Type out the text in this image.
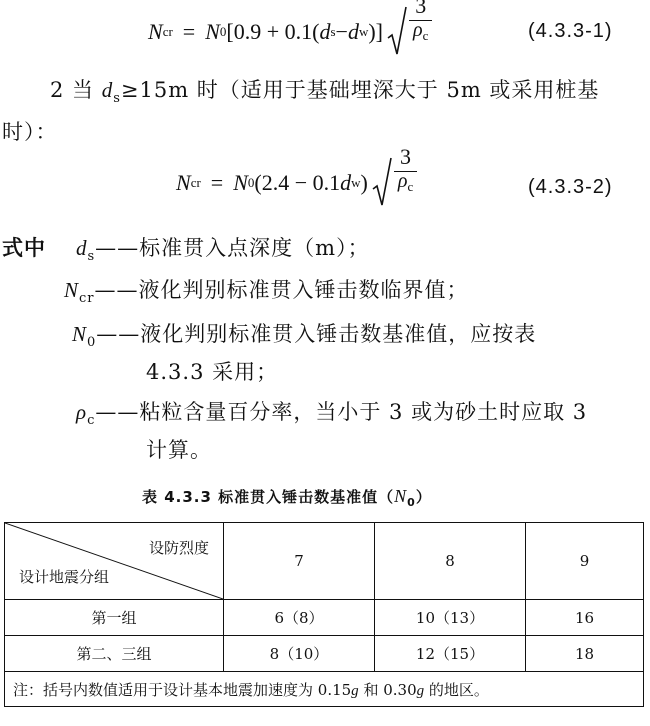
N cr = N 0 [0.9 + 0.1( d s − d w )]
3
$\rho_c$	(4.3.3-1)
2 当 $d_s\ge 15m$ 时（适用于基础埋深大于 5m 或采用桩基
时）：
N cr = N 0 (2.4 − 0.1 d w )
3
$\rho_c$	(4.3.3-2)
式中 $d_s——$标准贯入点深度（m）；
$N_{cr}——$液化判别标准贯入锤击数临界值；
$N_0——$液化判别标准贯入锤击数基准值，应按表
4.3.3 采用；
$\rho_c——$粘粒含量百分率，当小于 3 或为砂土时应取 3
计算。
表 4.3.3 标准贯入锤击数基准值$(N_0)$
设防烈度
设计地震分组	7	8	9
第一组	6（8）	10（13）	16
第二、三组	8（10）	12（15）	18
注：括号内数值适用于设计基本地震加速度为 0.15g 和 0.30g 的地区。			
